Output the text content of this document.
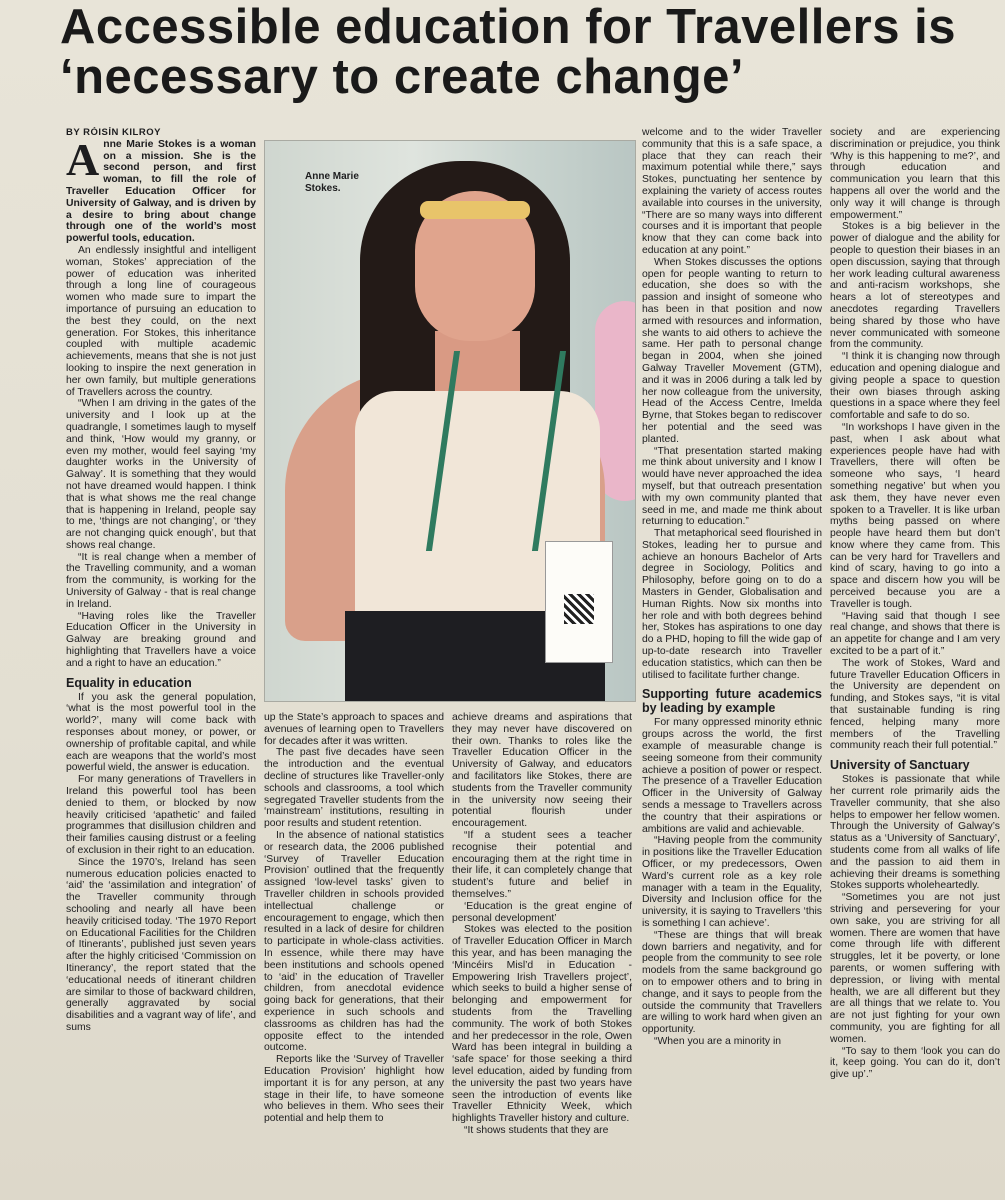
Accessible education for Travellers is ‘necessary to create change’

BY RÓISÍN KILROY

Anne Marie Stokes is a woman on a mission. She is the second person, and first woman, to fill the role of Traveller Education Officer for University of Galway, and is driven by a desire to bring about change through one of the world’s most powerful tools, education.

An endlessly insightful and intelligent woman, Stokes’ appreciation of the power of education was inherited through a long line of courageous women who made sure to impart the importance of pursuing an education to the best they could, on the next generation. For Stokes, this inheritance coupled with multiple academic achievements, means that she is not just looking to inspire the next generation in her own family, but multiple generations of Travellers across the country.

“When I am driving in the gates of the university and I look up at the quadrangle, I sometimes laugh to myself and think, ‘How would my granny, or even my mother, would feel saying ‘my daughter works in the University of Galway’. It is something that they would not have dreamed would happen. I think that is what shows me the real change that is happening in Ireland, people say to me, ‘things are not changing’, or ‘they are not changing quick enough’, but that shows real change.

“It is real change when a member of the Travelling community, and a woman from the community, is working for the University of Galway - that is real change in Ireland.

“Having roles like the Traveller Education Officer in the University in Galway are breaking ground and highlighting that Travellers have a voice and a right to have an education.”

Equality in education

If you ask the general population, ‘what is the most powerful tool in the world?’, many will come back with responses about money, or power, or ownership of profitable capital, and while each are weapons that the world’s most powerful wield, the answer is education.

For many generations of Travellers in Ireland this powerful tool has been denied to them, or blocked by now heavily criticised ‘apathetic’ and failed programmes that disillusion children and their families causing distrust or a feeling of exclusion in their right to an education.

Since the 1970’s, Ireland has seen numerous education policies enacted to ‘aid’ the ‘assimilation and integration’ of the Traveller community through schooling and nearly all have been heavily criticised today. ‘The 1970 Report on Educational Facilities for the Children of Itinerants’, published just seven years after the highly criticised ‘Commission on Itinerancy’, the report stated that the ‘educational needs of itinerant children are similar to those of backward children, generally aggravated by social disabilities and a vagrant way of life’, and sums

Anne Marie Stokes.

up the State’s approach to spaces and avenues of learning open to Travellers for decades after it was written.

The past five decades have seen the introduction and the eventual decline of structures like Traveller-only schools and classrooms, a tool which segregated Traveller students from the ‘mainstream’ institutions, resulting in poor results and student retention.

In the absence of national statistics or research data, the 2006 published ‘Survey of Traveller Education Provision’ outlined that the frequently assigned ‘low-level tasks’ given to Traveller children in schools provided intellectual challenge or encouragement to engage, which then resulted in a lack of desire for children to participate in whole-class activities. In essence, while there may have been institutions and schools opened to ‘aid’ in the education of Traveller children, from anecdotal evidence going back for generations, that their experience in such schools and classrooms as children has had the opposite effect to the intended outcome.

Reports like the ‘Survey of Traveller Education Provision’ highlight how important it is for any person, at any stage in their life, to have someone who believes in them. Who sees their potential and help them to

achieve dreams and aspirations that they may never have discovered on their own. Thanks to roles like the Traveller Education Officer in the University of Galway, and educators and facilitators like Stokes, there are students from the Traveller community in the university now seeing their potential flourish under encouragement.

“If a student sees a teacher recognise their potential and encouraging them at the right time in their life, it can completely change that student’s future and belief in themselves.”

‘Education is the great engine of personal development’

Stokes was elected to the position of Traveller Education Officer in March this year, and has been managing the ‘Mincéirs Misl’d in Education - Empowering Irish Travellers project’, which seeks to build a higher sense of belonging and empowerment for students from the Travelling community. The work of both Stokes and her predecessor in the role, Owen Ward has been integral in building a ‘safe space’ for those seeking a third level education, aided by funding from the university the past two years have seen the introduction of events like Traveller Ethnicity Week, which highlights Traveller history and culture.

“It shows students that they are

welcome and to the wider Traveller community that this is a safe space, a place that they can reach their maximum potential while there,” says Stokes, punctuating her sentence by explaining the variety of access routes available into courses in the university, “There are so many ways into different courses and it is important that people know that they can come back into education at any point.”

When Stokes discusses the options open for people wanting to return to education, she does so with the passion and insight of someone who has been in that position and now armed with resources and information, she wants to aid others to achieve the same. Her path to personal change began in 2004, when she joined Galway Traveller Movement (GTM), and it was in 2006 during a talk led by her now colleague from the university, Head of the Access Centre, Imelda Byrne, that Stokes began to rediscover her potential and the seed was planted.

“That presentation started making me think about university and I know I would have never approached the idea myself, but that outreach presentation with my own community planted that seed in me, and made me think about returning to education.”

That metaphorical seed flourished in Stokes, leading her to pursue and achieve an honours Bachelor of Arts degree in Sociology, Politics and Philosophy, before going on to do a Masters in Gender, Globalisation and Human Rights. Now six months into her role and with both degrees behind her, Stokes has aspirations to one day do a PHD, hoping to fill the wide gap of up-to-date research into Traveller education statistics, which can then be utilised to facilitate further change.

Supporting future academics by leading by example

For many oppressed minority ethnic groups across the world, the first example of measurable change is seeing someone from their community achieve a position of power or respect. The presence of a Traveller Education Officer in the University of Galway sends a message to Travellers across the country that their aspirations or ambitions are valid and achievable.

“Having people from the community in positions like the Traveller Education Officer, or my predecessors, Owen Ward’s current role as a key role manager with a team in the Equality, Diversity and Inclusion office for the university, it is saying to Travellers ‘this is something I can achieve’.

“These are things that will break down barriers and negativity, and for people from the community to see role models from the same background go on to empower others and to bring in change, and it says to people from the outside the community that Travellers are willing to work hard when given an opportunity.

“When you are a minority in

society and are experiencing discrimination or prejudice, you think ‘Why is this happening to me?’, and through education and communication you learn that this happens all over the world and the only way it will change is through empowerment.”

Stokes is a big believer in the power of dialogue and the ability for people to question their biases in an open discussion, saying that through her work leading cultural awareness and anti-racism workshops, she hears a lot of stereotypes and anecdotes regarding Travellers being shared by those who have never communicated with someone from the community.

“I think it is changing now through education and opening dialogue and giving people a space to question their own biases through asking questions in a space where they feel comfortable and safe to do so.

“In workshops I have given in the past, when I ask about what experiences people have had with Travellers, there will often be someone who says, ‘I heard something negative’ but when you ask them, they have never even spoken to a Traveller. It is like urban myths being passed on where people have heard them but don’t know where they came from. This can be very hard for Travellers and kind of scary, having to go into a space and discern how you will be perceived because you are a Traveller is tough.

“Having said that though I see real change, and shows that there is an appetite for change and I am very excited to be a part of it.”

The work of Stokes, Ward and future Traveller Education Officers in the University are dependent on funding, and Stokes says, “it is vital that sustainable funding is ring fenced, helping many more members of the Travelling community reach their full potential.”

University of Sanctuary

Stokes is passionate that while her current role primarily aids the Traveller community, that she also helps to empower her fellow women. Through the University of Galway’s status as a ‘University of Sanctuary’, students come from all walks of life and the passion to aid them in achieving their dreams is something Stokes supports wholeheartedly.

“Sometimes you are not just striving and persevering for your own sake, you are striving for all women. There are women that have come through life with different struggles, let it be poverty, or lone parents, or women suffering with depression, or living with mental health, we are all different but they are all things that we relate to. You are not just fighting for your own community, you are fighting for all women.

“To say to them ‘look you can do it, keep going. You can do it, don’t give up’.”
